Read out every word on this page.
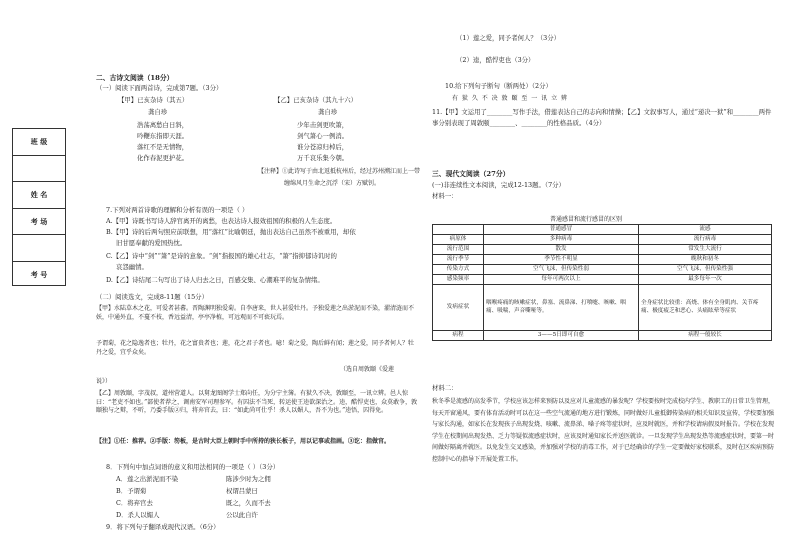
班 级
姓 名
考 场
考 号
二、古诗文阅读（18分）
（一）阅读下面两首诗，完成第7题。（3分）
【甲】已亥杂诗（其五）
龚自珍
浩荡离愁白日斜，
吟鞭东指即天涯。
落红不是无情物，
化作春泥更护花。
【乙】已亥杂诗（其九十六）
龚自珍
少年击剑更吹箫，
剑气箫心一例消。
谁分苍凉归棹后，
万千哀乐集今朝。
【注释】①此诗写于由北返抵杭州后，经过苏州溯江而上一带
缠绵风月生命之沉浮（宋）方赋钊。
7.下列对两首诗歌的理解和分析有误的一项是（ ）
A.【甲】诗既书写诗人辞官离开的离愁，也表达诗人报效祖国的积极的人生态度。
B.【甲】诗的后两句照应前联想，用“落红”比喻朝廷，抛出表达自己虽然不被重用，却依
旧甘愿奉献的爱国热忱。
C.【乙】诗中“剑”“箫”是诗的意象。“剑”指报国的雄心壮志，“箫”指抑郁诗讥时的
哀怨幽情。
D.【乙】诗结尾二句写出了诗人归去之日，百感交集、心潮难平的复杂情绪。
（二）阅读选文，完成8-11题（15分）
【甲】水陆草木之花，可爱者甚蕃。晋陶渊明独爱菊。自李唐来，世人甚爱牡丹。予独爱莲之出淤泥而不染，濯清涟而不妖，中通外直，不蔓不枝，香远益清，亭亭净植，可远观而不可亵玩焉。
予谓菊，花之隐逸者也；牡丹，花之富贵者也；莲，花之君子者也。噫！菊之爱，陶后鲜有闻；莲之爱，同予者何人？牡丹之爱，宜乎众矣。
（选自周敦颐《爱莲
说》）
【乙】周敦颐，字茂叔，道州营道人。以舅龙图阁学士郑向任，为分宁主簿。有狱久不决，敦颐至，一讯立辨。邑人惊曰：“老吏不如也。”部使者荐之，调南安军司理参军。有囚法不当死，转运使王逵欲深治之。逵，酷悍吏也，众莫敢争，敦颐独与之辩，不听，乃委手版②归，将弃官去，曰：“如此尚可仕乎！杀人以媚人，吾不为也。”逵悟，囚得免。
【注】①任：推荐。②手版：笏板，是古时大臣上朝时手中所持的狭长板子，用以记事或指画。③讫：指做官。
8．下列句中加点词语的意义和用法相同的一项是（ ）（3分）
A．莲之出淤泥而不染	陈涉少时为之佣
B．予谓菊	权谓吕蒙曰
C．将弃官去	既之，久而不去
D．杀人以媚人	公以此自许
9．将下列句子翻译成现代汉语。（6分）
（1）莲之爱，同予者何人？（3分）
（2）逵，酷悍吏也（3分）
10.给下列句子断句（断两处）（2分）
有 狱 久 不 决 敦 颐 至 一 讯 立 辨
11.【甲】文运用了________写作手法，借莲表达自己的志向和情操；【乙】文叙事写人，通过“递决一狱”和________两件事分别表现了周敦颐________、________的性格品质。（4分）
三、现代文阅读（27分）
(一)非连续性文本阅读，完成12-13题。（7分）
材料一：
普通感冒和流行感冒的区别
	普通感冒	流感
病原体	多种病毒	流行病毒
流行范围	散发	常发生大流行
流行季节	季节性不明显	晚秋和初冬
传染方式	空气飞沫，但传染性弱	空气飞沫，但传染性强
感染频率	每年可两次以上	最多每年一次
发病症状	咽喉疼痛的咳嗽症状，鼻塞、流鼻涕、打喷嚏、咳嗽、咽痛、吸喘，声音嘶哑等。	全身症状比较重：高烧、体有全身肌肉、关节疼痛、极度疲乏和恶心、头痛眩晕等症状
病程	3——5日即可自愈	病程一般较长
材料二：
秋冬季是流感的高发季节，学校应该怎样来预防以及应对儿童流感的暴发呢？学校要按时完成校内学生、教职工的日常卫生管理，每天开窗通风，要有体育活动时可以在这一些空气流通的地方进行锻炼，同时做好儿童抵御传染病的相关知识及宣传，学校要加强与家长沟通，如家长在发现孩子出现发烧、咳嗽、流鼻涕、嗓子疼等症状时，应及时就医，并和学校请病假及时报告。学校在发现学生在校期间出现发热、乏力等疑似流感症状时，应该及时通知家长并送医就诊。一旦发现学生出现发热等流感症状时，要第一时间做好隔离并就医。以免发生交叉感染，并加强对学校的消毒工作，对于已经确诊的学生一定要做好家校联系，及时在区疾病预防控制中心的指导下开展处置工作。
